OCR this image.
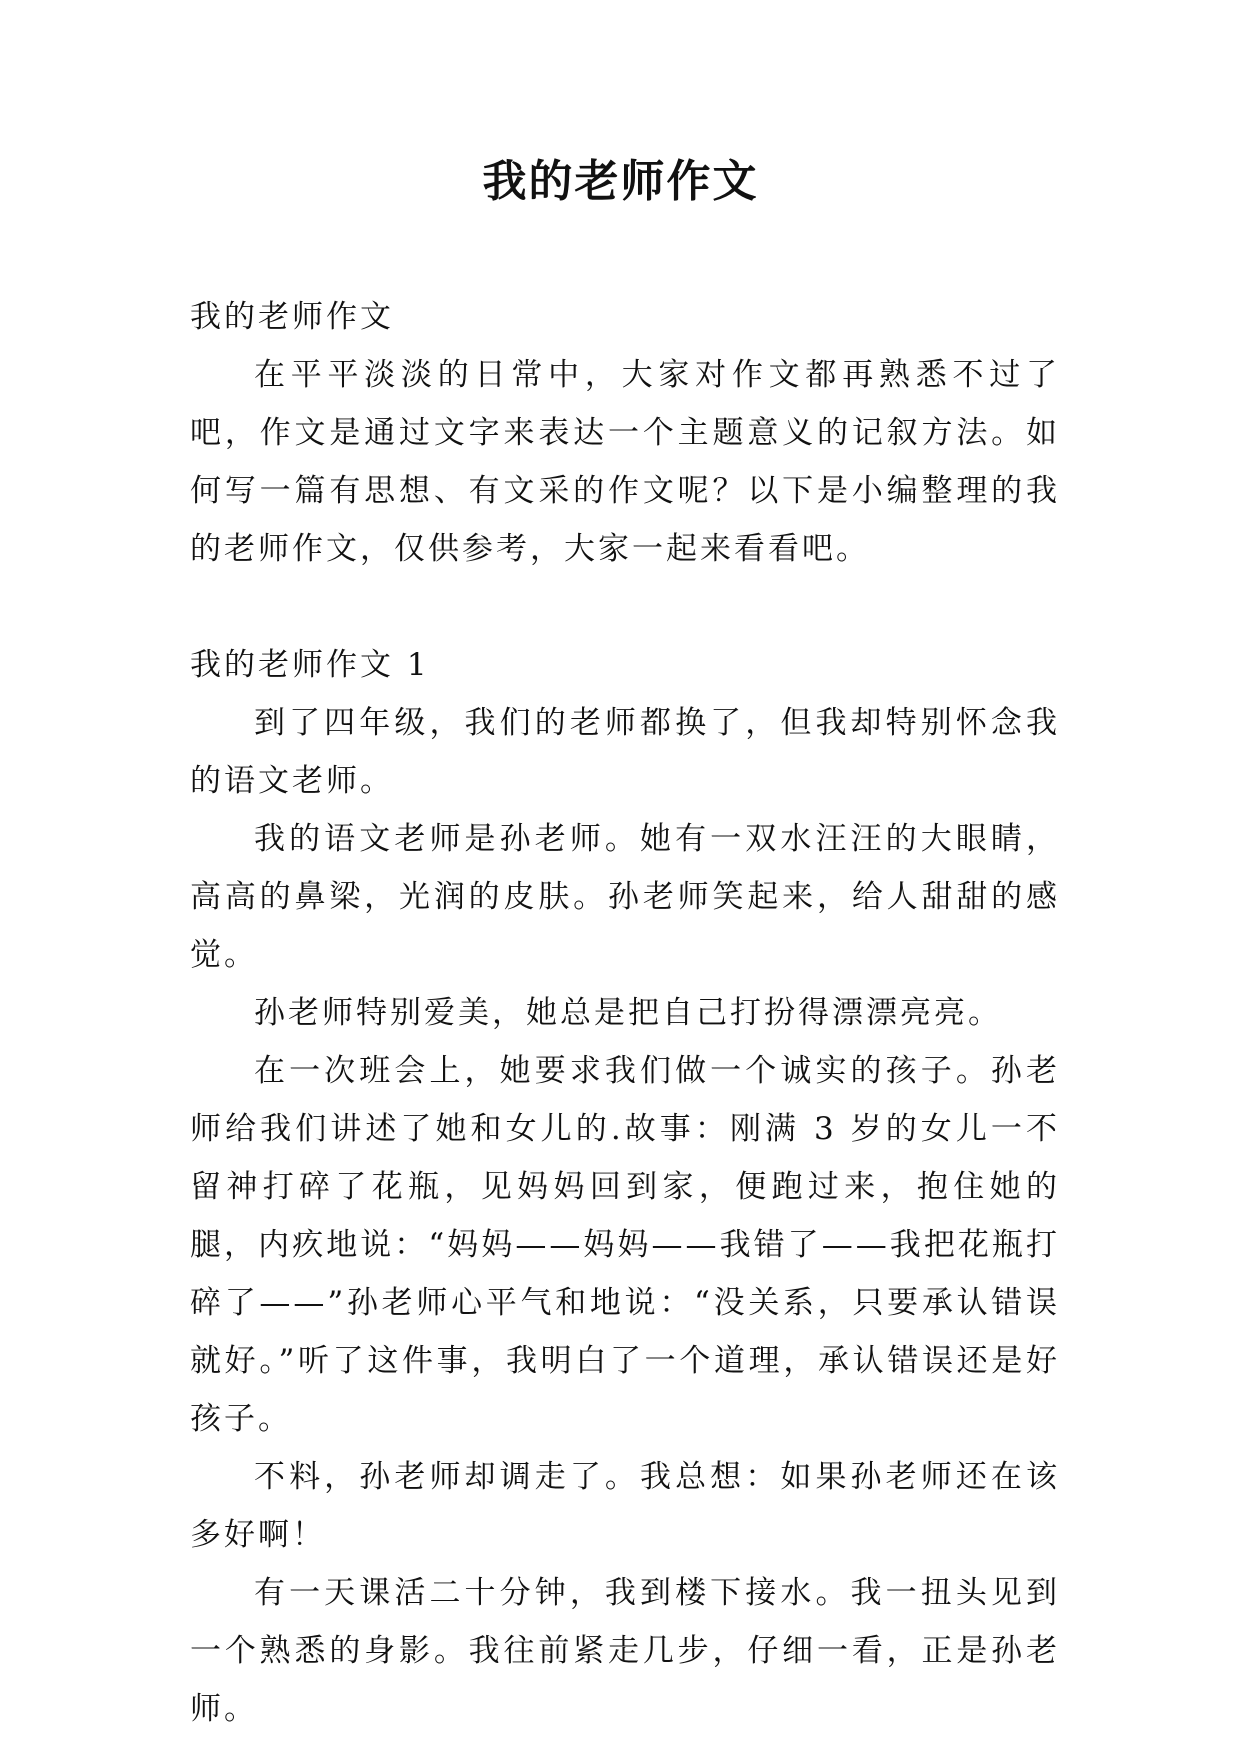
我的老师作文

我的老师作文

在平平淡淡的日常中，大家对作文都再熟悉不过了吧，作文是通过文字来表达一个主题意义的记叙方法。如何写一篇有思想、有文采的作文呢？以下是小编整理的我的老师作文，仅供参考，大家一起来看看吧。

我的老师作文 1

到了四年级，我们的老师都换了，但我却特别怀念我的语文老师。

我的语文老师是孙老师。她有一双水汪汪的大眼睛，高高的鼻梁，光润的皮肤。孙老师笑起来，给人甜甜的感觉。

孙老师特别爱美，她总是把自己打扮得漂漂亮亮。

在一次班会上，她要求我们做一个诚实的孩子。孙老师给我们讲述了她和女儿的.故事：刚满 3 岁的女儿一不留神打碎了花瓶，见妈妈回到家，便跑过来，抱住她的腿，内疚地说：“妈妈——妈妈——我错了——我把花瓶打碎了——”孙老师心平气和地说：“没关系，只要承认错误就好。”听了这件事，我明白了一个道理，承认错误还是好孩子。

不料，孙老师却调走了。我总想：如果孙老师还在该多好啊！

有一天课活二十分钟，我到楼下接水。我一扭头见到一个熟悉的身影。我往前紧走几步，仔细一看，正是孙老师。
